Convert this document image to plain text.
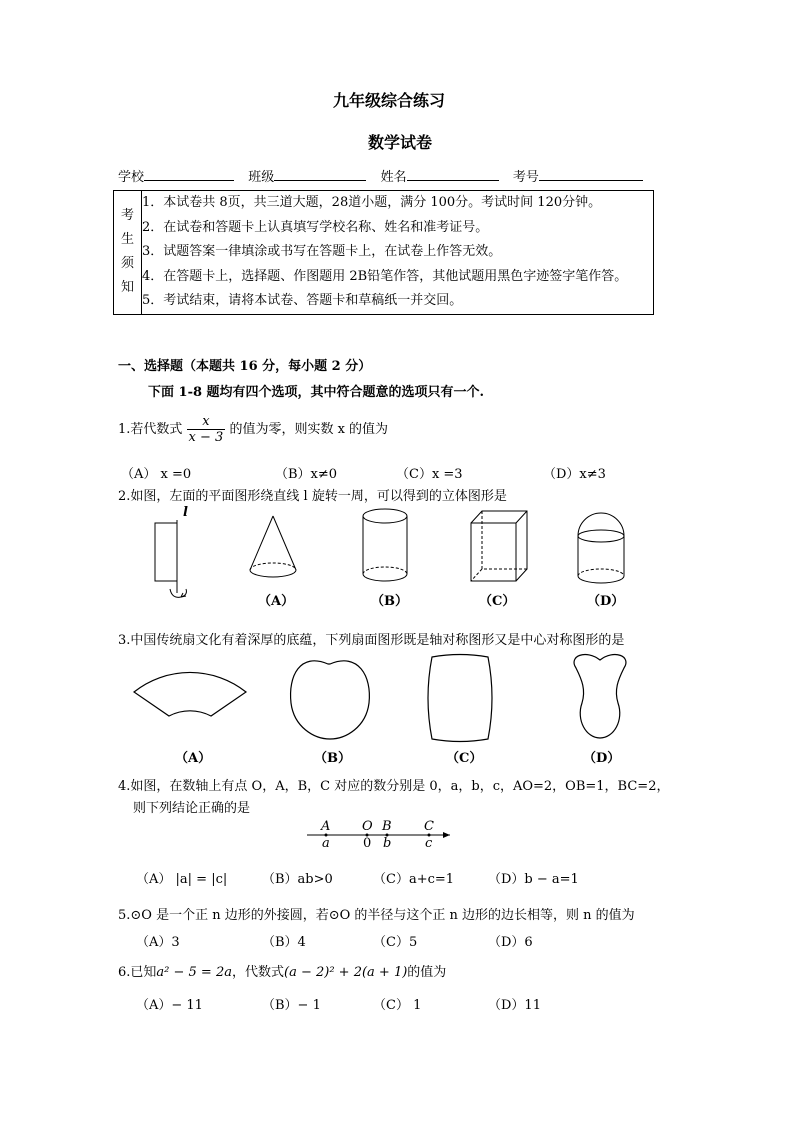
九年级综合练习
数学试卷
学校	班级	姓名	考号
考
生
须
知

1．本试卷共 8页，共三道大题，28道小题，满分 100分。考试时间 120分钟。
2．在试卷和答题卡上认真填写学校名称、姓名和准考证号。
3．试题答案一律填涂或书写在答题卡上，在试卷上作答无效。
4．在答题卡上，选择题、作图题用 2B铅笔作答，其他试题用黑色字迹签字笔作答。
5．考试结束，请将本试卷、答题卡和草稿纸一并交回。
一、选择题（本题共 16 分，每小题 2 分）
下面 1-8 题均有四个选项，其中符合题意的选项只有一个.
1.若代数式 $\frac{x}{x - 3}$ 的值为零，则实数 x 的值为
（A） x =0	（B）x≠0	（C）x =3	（D）x≠3
2.如图，左面的平面图形绕直线 l 旋转一周，可以得到的立体图形是
l
（A）	（B）	（C）	（D）
3.中国传统扇文化有着深厚的底蕴，下列扇面图形既是轴对称图形又是中心对称图形的是
（A）	（B）	（C）	（D）
4.如图，在数轴上有点 O，A，B，C 对应的数分别是 0，a，b，c，AO=2，OB=1，BC=2，
则下列结论正确的是
A O B C
a	0 b	c
（A） |a| = |c|	（B）ab>0	（C）a+c=1	（D）b − a=1
5.⊙O 是一个正 n 边形的外接圆，若⊙O 的半径与这个正 n 边形的边长相等，则 n 的值为
（A）3	（B）4	（C）5	（D）6
6.已知a² − 5 = 2a，代数式(a − 2)² + 2(a + 1)的值为
（A）− 11	（B）− 1	（C） 1	（D）11
